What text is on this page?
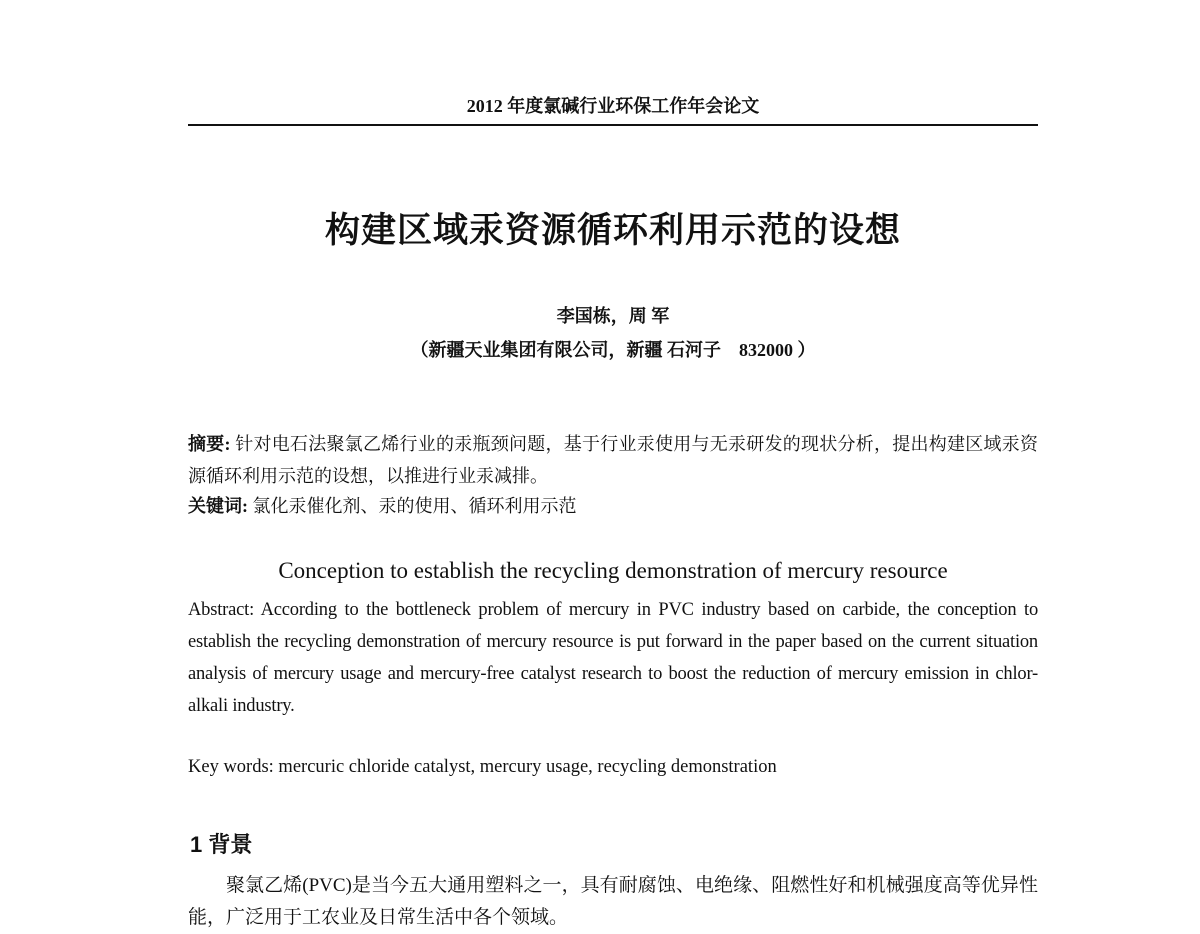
2012 年度氯碱行业环保工作年会论文
构建区域汞资源循环利用示范的设想
李国栋，周 军
（新疆天业集团有限公司，新疆 石河子　832000 ）
摘要: 针对电石法聚氯乙烯行业的汞瓶颈问题，基于行业汞使用与无汞研发的现状分析，提出构建区域汞资源循环利用示范的设想，以推进行业汞减排。
关键词: 氯化汞催化剂、汞的使用、循环利用示范
Conception to establish the recycling demonstration of mercury resource
Abstract: According to the bottleneck problem of mercury in PVC industry based on carbide, the conception to establish the recycling demonstration of mercury resource is put forward in the paper based on the current situation analysis of mercury usage and mercury-free catalyst research to boost the reduction of mercury emission in chlor-alkali industry.
Key words: mercuric chloride catalyst, mercury usage, recycling demonstration
1 背景
聚氯乙烯(PVC)是当今五大通用塑料之一，具有耐腐蚀、电绝缘、阻燃性好和机械强度高等优异性能，广泛用于工农业及日常生活中各个领域。
